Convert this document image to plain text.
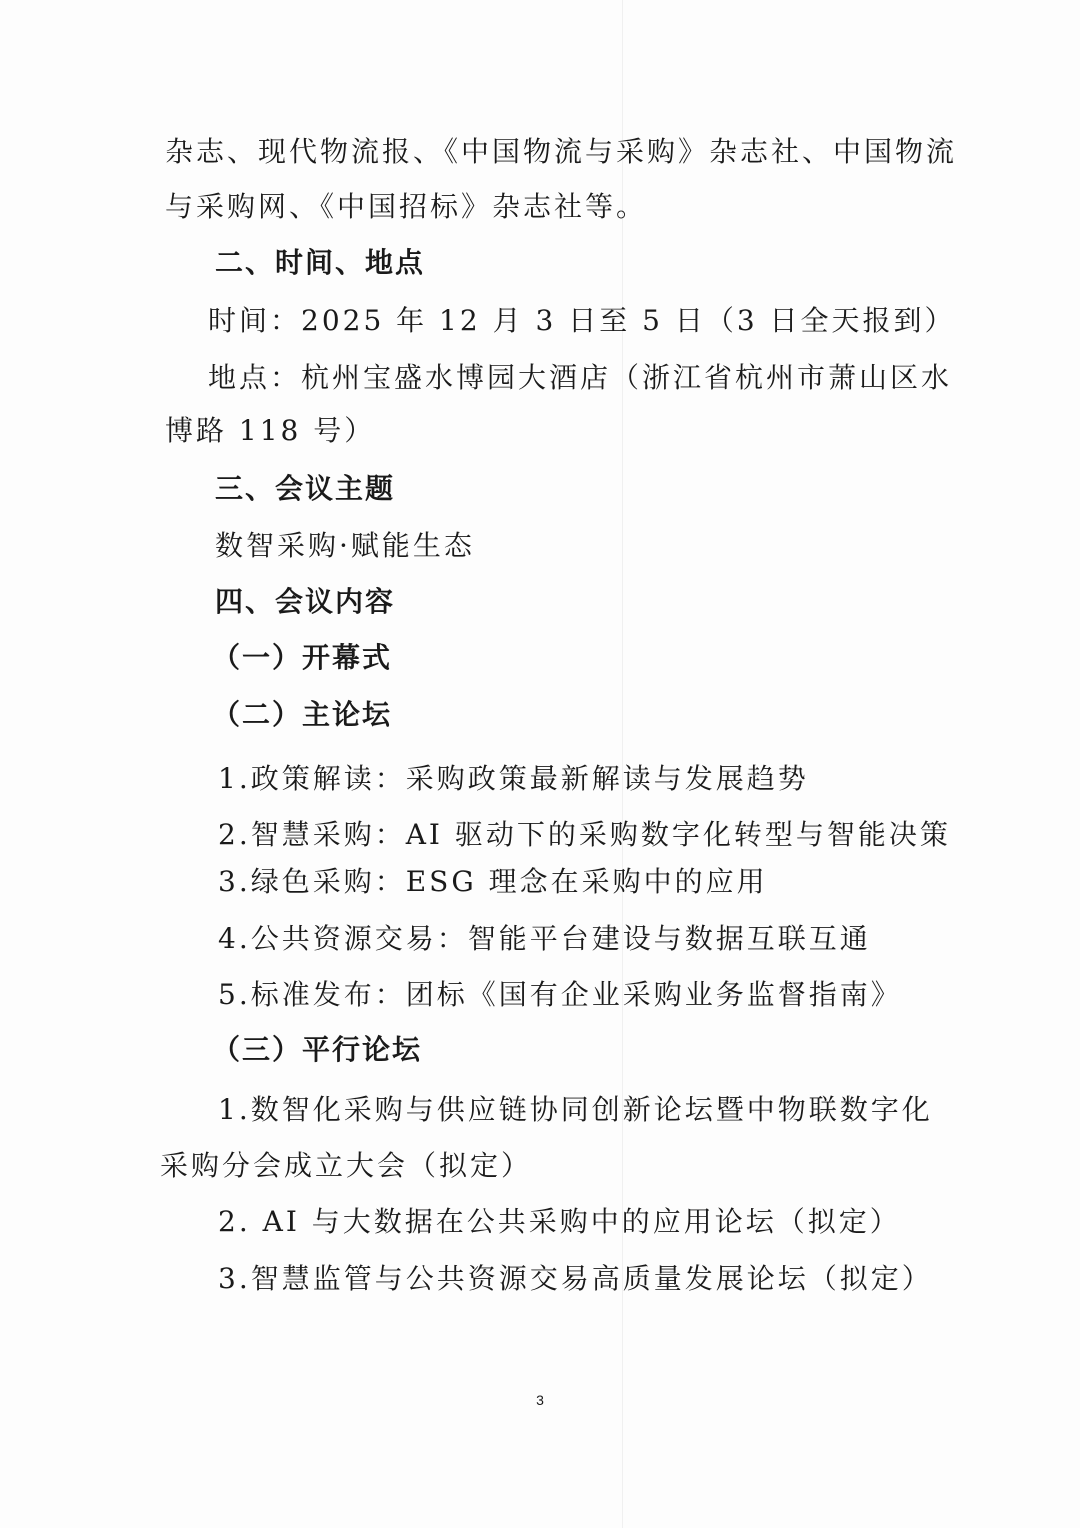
杂志、现代物流报、《中国物流与采购》杂志社、中国物流
与采购网、《中国招标》杂志社等。
二、时间、地点
时间：2025 年 12 月 3 日至 5 日（3 日全天报到）
地点：杭州宝盛水博园大酒店（浙江省杭州市萧山区水
博路 118 号）
三、会议主题
数智采购·赋能生态
四、会议内容
（一）开幕式
（二）主论坛
1.政策解读：采购政策最新解读与发展趋势
2.智慧采购：AI 驱动下的采购数字化转型与智能决策
3.绿色采购：ESG 理念在采购中的应用
4.公共资源交易：智能平台建设与数据互联互通
5.标准发布：团标《国有企业采购业务监督指南》
（三）平行论坛
1.数智化采购与供应链协同创新论坛暨中物联数字化
采购分会成立大会（拟定）
2. AI 与大数据在公共采购中的应用论坛（拟定）
3.智慧监管与公共资源交易高质量发展论坛（拟定）
3
